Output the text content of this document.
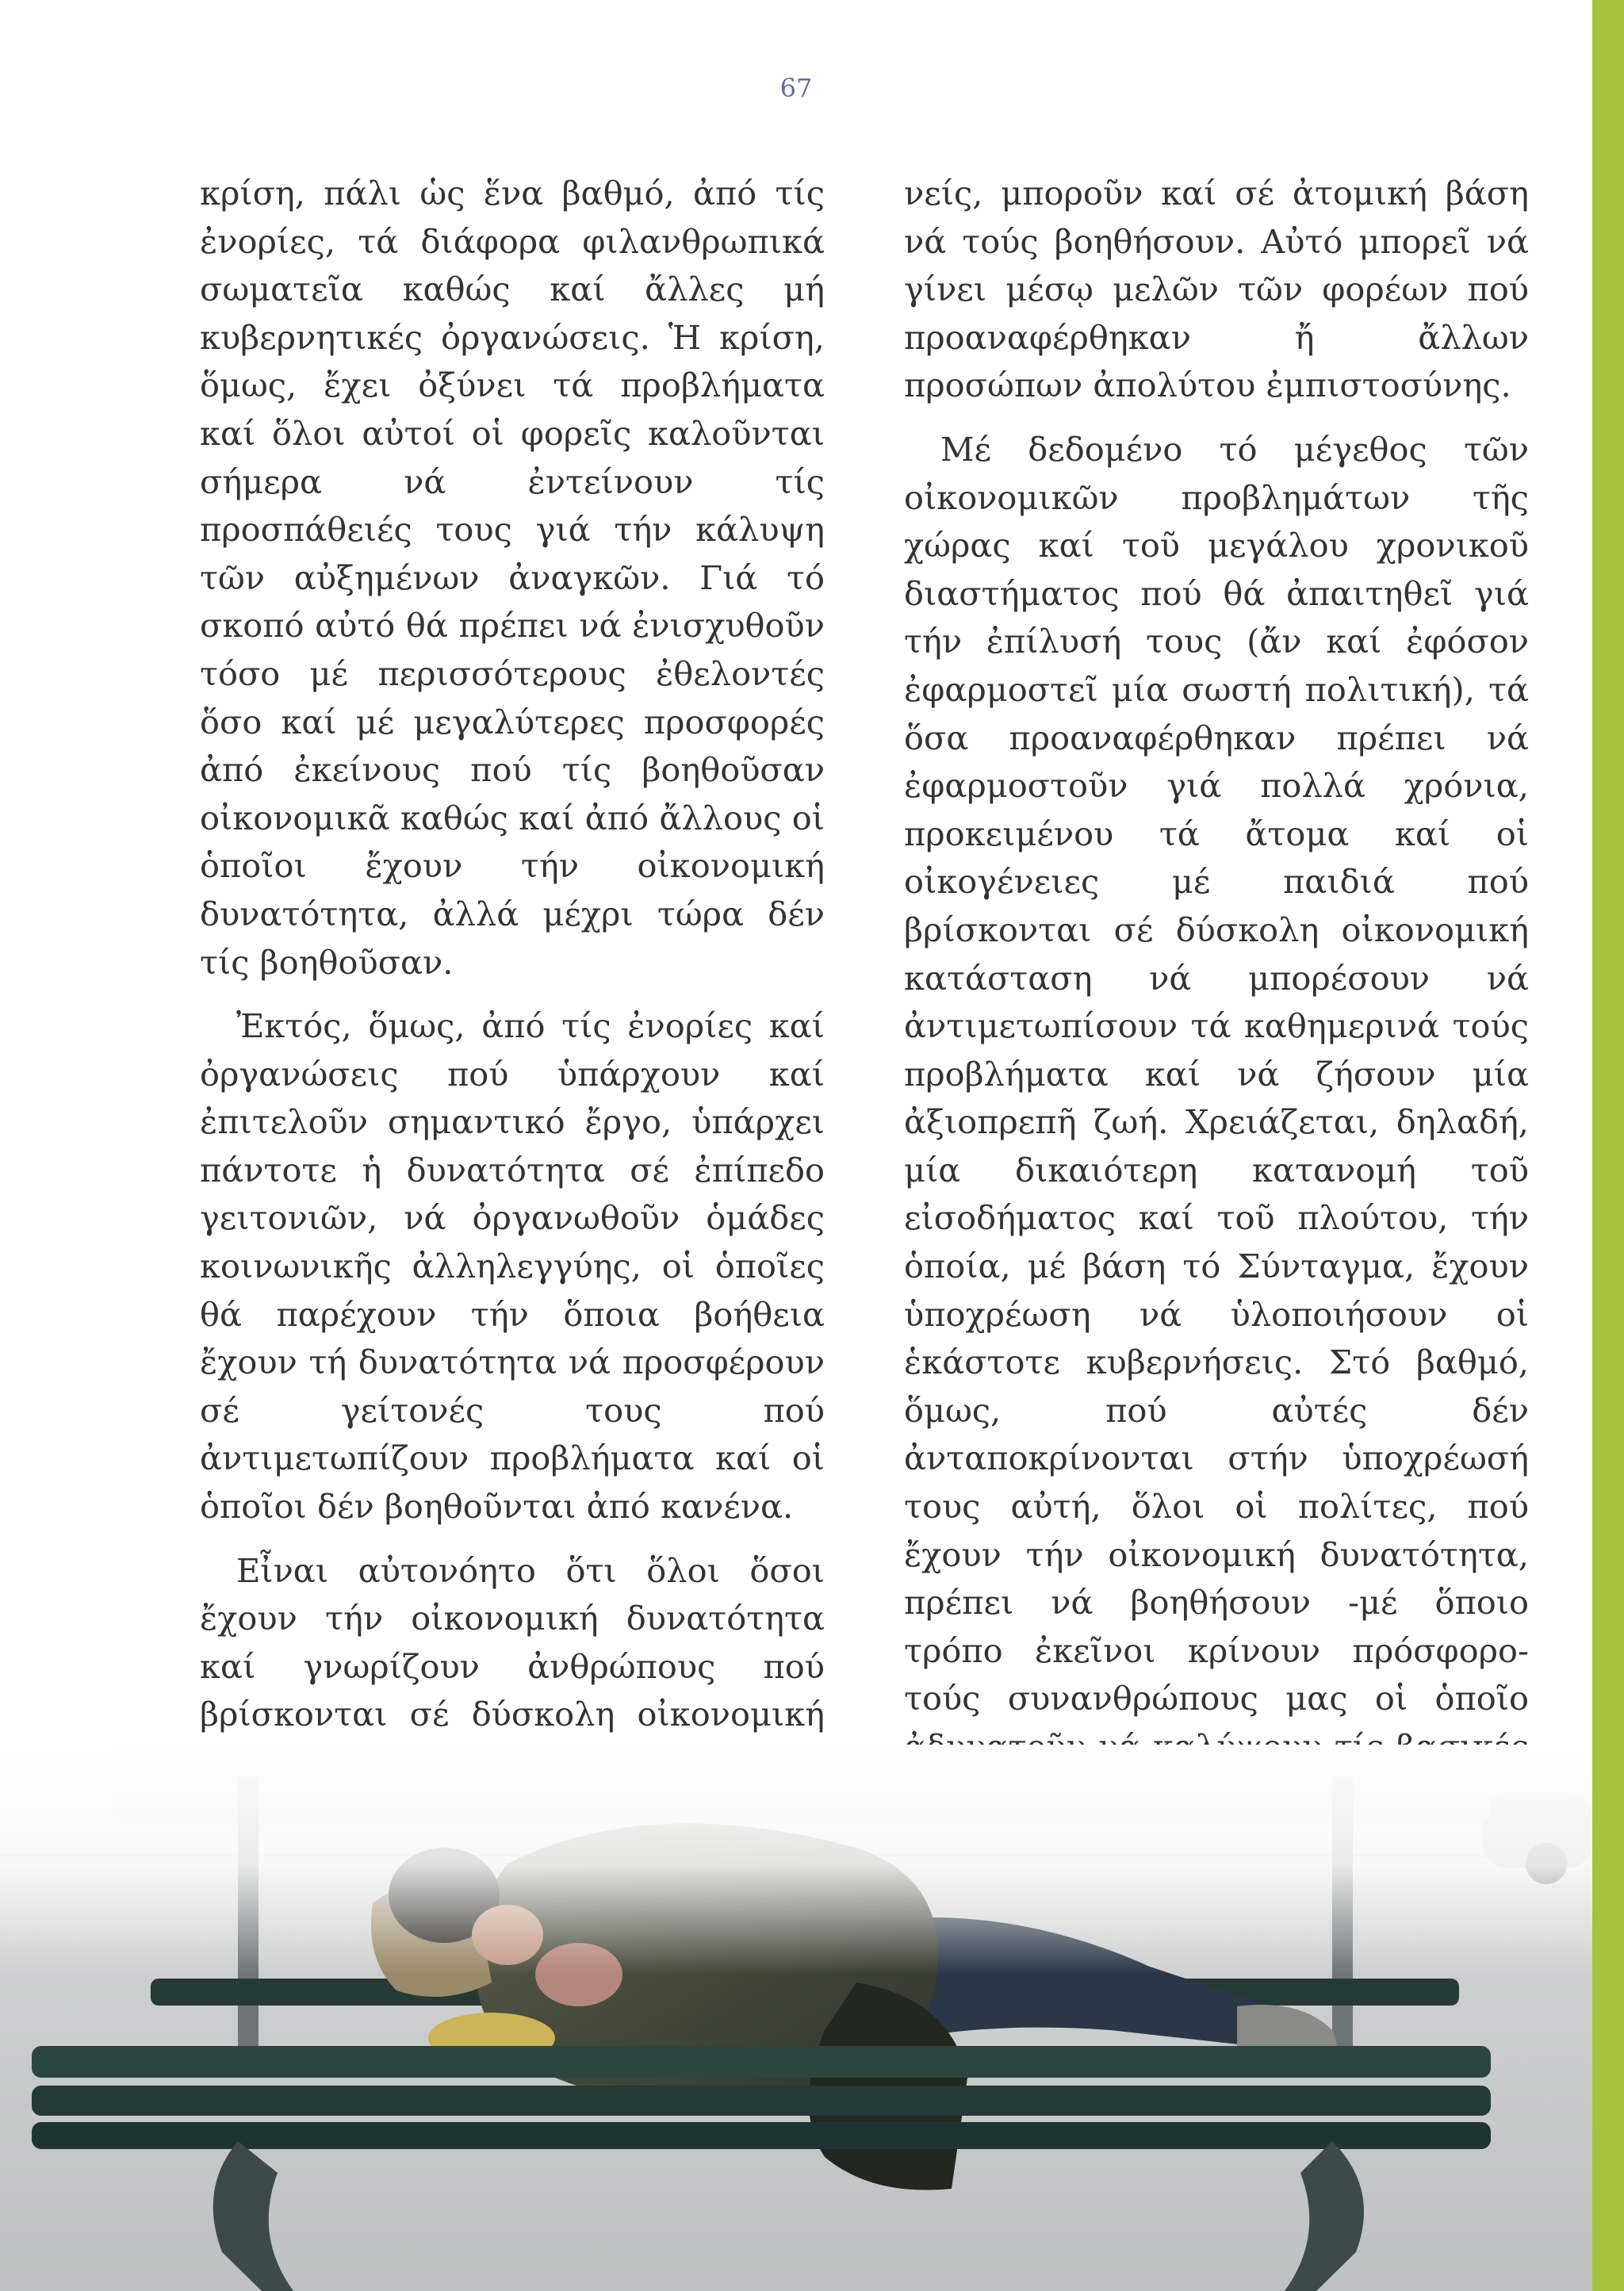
67

κρίση, πάλι ὡς ἕνα βαθμό, ἀπό τίς ἐνορίες, τά διάφορα φιλανθρωπικά σωματεῖα καθώς καί ἄλλες μή κυβερνητικές ὀργανώσεις. Ἡ κρίση, ὅμως, ἔχει ὀξύνει τά προβλήματα καί ὅλοι αὐτοί οἱ φορεῖς καλοῦνται σήμερα νά ἐντείνουν τίς προσπάθειές τους γιά τήν κάλυψη τῶν αὐξημένων ἀναγκῶν. Γιά τό σκοπό αὐτό θά πρέπει νά ἐνισχυθοῦν τόσο μέ περισσότερους ἐθελοντές ὅσο καί μέ μεγαλύτερες προσφορές ἀπό ἐκείνους πού τίς βοηθοῦσαν οἰκονομικᾶ καθώς καί ἀπό ἄλλους οἱ ὁποῖοι ἔχουν τήν οἰκονομική δυνατότητα, ἀλλά μέχρι τώρα δέν τίς βοηθοῦσαν.

Ἐκτός, ὅμως, ἀπό τίς ἐνορίες καί ὀργανώσεις πού ὑπάρχουν καί ἐπιτελοῦν σημαντικό ἔργο, ὑπάρχει πάντοτε ἡ δυνατότητα σέ ἐπίπεδο γειτονιῶν, νά ὀργανωθοῦν ὁμάδες κοινωνικῆς ἀλληλεγγύης, οἱ ὁποῖες θά παρέχουν τήν ὅποια βοήθεια ἔχουν τή δυνατότητα νά προσφέρουν σέ γείτονές τους πού ἀντιμετωπίζουν προβλήματα καί οἱ ὁποῖοι δέν βοηθοῦνται ἀπό κανένα.

Εἶναι αὐτονόητο ὅτι ὅλοι ὅσοι ἔχουν τήν οἰκονομική δυνατότητα καί γνωρίζουν ἀνθρώπους πού βρίσκονται σέ δύσκολη οἰκονομική

νείς, μποροῦν καί σέ ἀτομική βάση νά τούς βοηθήσουν. Αὐτό μπορεῖ νά γίνει μέσῳ μελῶν τῶν φορέων πού προαναφέρθηκαν ἤ ἄλλων προσώπων ἀπολύτου ἐμπιστοσύνης.

Μέ δεδομένο τό μέγεθος τῶν οἰκονομικῶν προβλημάτων τῆς χώρας καί τοῦ μεγάλου χρονικοῦ διαστήματος πού θά ἀπαιτηθεῖ γιά τήν ἐπίλυσή τους (ἄν καί ἐφόσον ἐφαρμοστεῖ μία σωστή πολιτική), τά ὅσα προαναφέρθηκαν πρέπει νά ἐφαρμοστοῦν γιά πολλά χρόνια, προκειμένου τά ἄτομα καί οἱ οἰκογένειες μέ παιδιά πού βρίσκονται σέ δύσκολη οἰκονομική κατάσταση νά μπορέσουν νά ἀντιμετωπίσουν τά καθημερινά τούς προβλήματα καί νά ζήσουν μία ἀξιοπρεπῆ ζωή. Χρειάζεται, δηλαδή, μία δικαιότερη κατανομή τοῦ εἰσοδήματος καί τοῦ πλούτου, τήν ὁποία, μέ βάση τό Σύνταγμα, ἔχουν ὑποχρέωση νά ὑλοποιήσουν οἱ ἑκάστοτε κυβερνήσεις. Στό βαθμό, ὅμως, πού αὐτές δέν ἀνταποκρίνονται στήν ὑποχρέωσή τους αὐτή, ὅλοι οἱ πολίτες, πού ἔχουν τήν οἰκονομική δυνατότητα, πρέπει νά βοηθήσουν -μέ ὅποιο τρόπο ἐκεῖνοι κρίνουν πρόσφορο- τούς συνανθρώπους μας οἱ ὁποῖο
